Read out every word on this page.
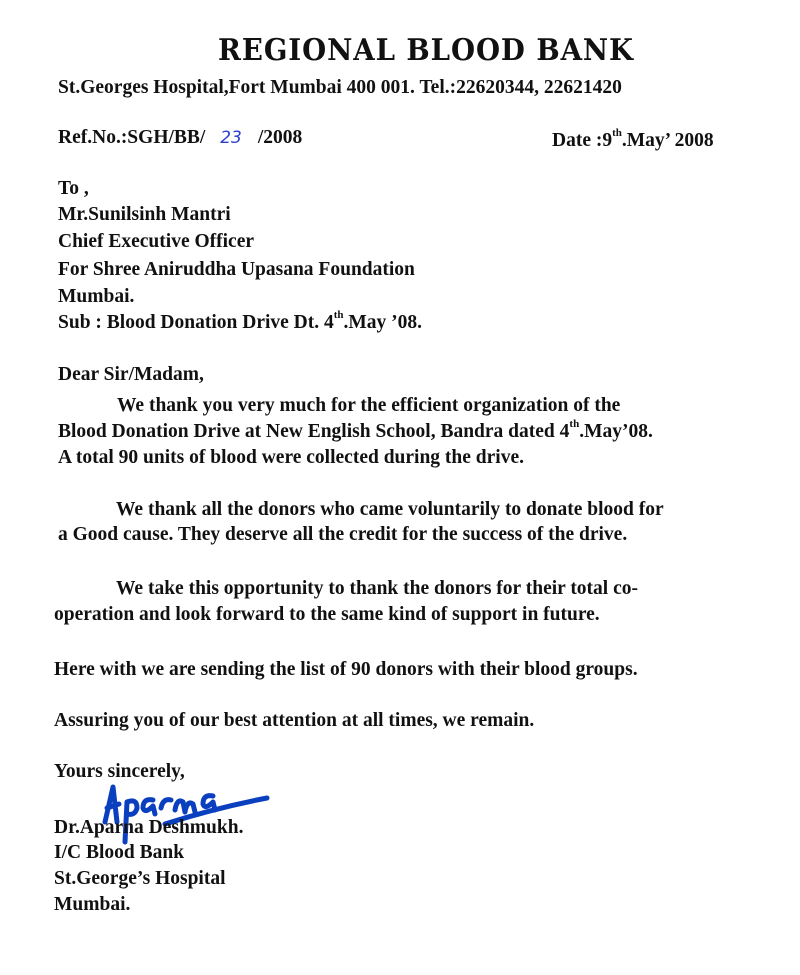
REGIONAL BLOOD BANK
St.Georges Hospital,Fort Mumbai 400 001. Tel.:22620344, 22621420
Ref.No.:SGH/BB/ 23 /2008	Date :9th.May’ 2008
To ,
Mr.Sunilsinh Mantri
Chief Executive Officer
For Shree Aniruddha Upasana Foundation
Mumbai.
Sub : Blood Donation Drive Dt. 4th.May ’08.
Dear Sir/Madam,
We thank you very much for the efficient organization of the
Blood Donation Drive at New English School, Bandra dated 4th.May’08.
A total 90 units of blood were collected during the drive.
We thank all the donors who came voluntarily to donate blood for
a Good cause. They deserve all the credit for the success of the drive.
We take this opportunity to thank the donors for their total co-
operation and look forward to the same kind of support in future.
Here with we are sending the list of 90 donors with their blood groups.
Assuring you of our best attention at all times, we remain.
Yours sincerely,
Dr.Aparna Deshmukh.
I/C Blood Bank
St.George’s Hospital
Mumbai.
